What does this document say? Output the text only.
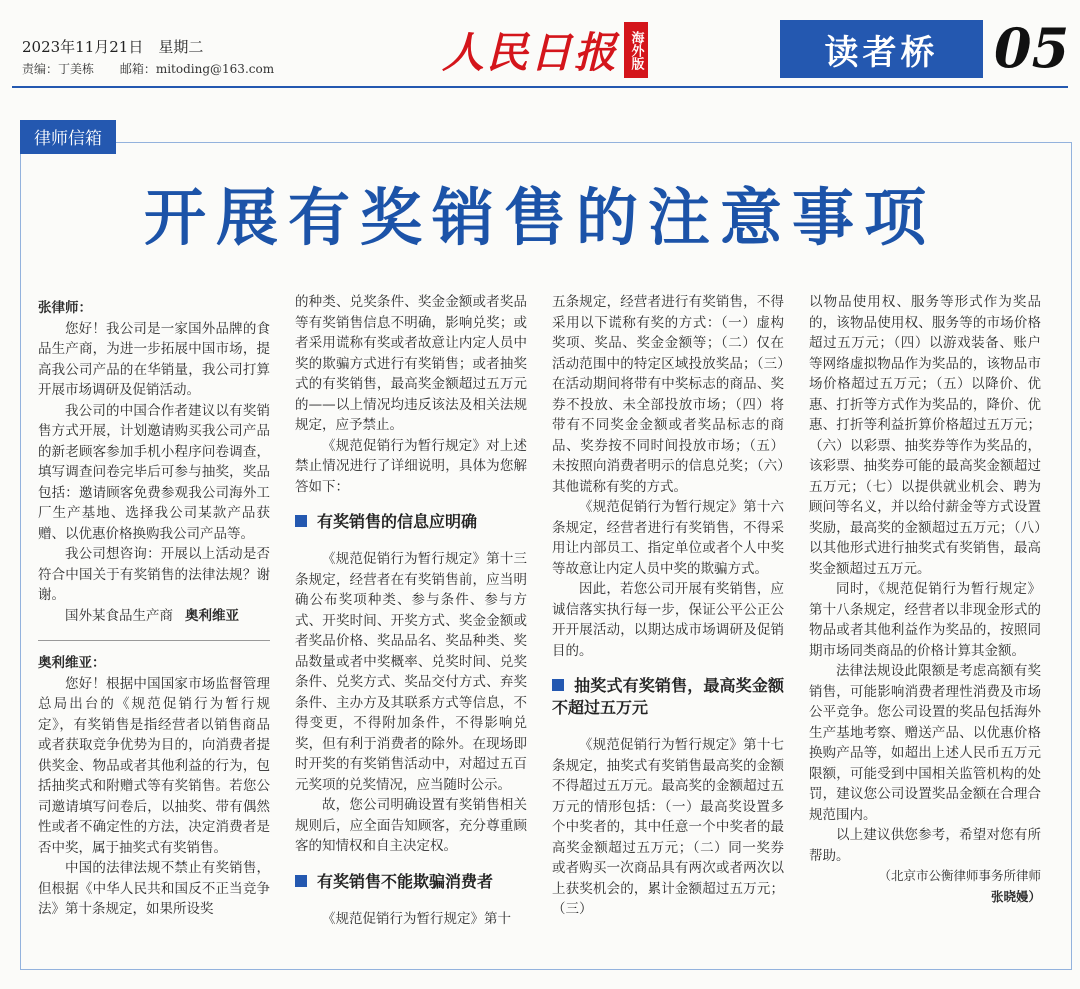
2023年11月21日　星期二
责编：丁美栋 邮箱：mitoding@163.com	人民日报 海外版	读者桥	05
律师信箱
开展有奖销售的注意事项

张律师：

您好！我公司是一家国外品牌的食品生产商，为进一步拓展中国市场，提高我公司产品的在华销量，我公司打算开展市场调研及促销活动。

我公司的中国合作者建议以有奖销售方式开展，计划邀请购买我公司产品的新老顾客参加手机小程序问卷调查，填写调查问卷完毕后可参与抽奖，奖品包括：邀请顾客免费参观我公司海外工厂生产基地、选择我公司某款产品获赠、以优惠价格换购我公司产品等。

我公司想咨询：开展以上活动是否符合中国关于有奖销售的法律法规？谢谢。

国外某食品生产商 奥利维亚

奥利维亚：

您好！根据中国国家市场监督管理总局出台的《规范促销行为暂行规定》，有奖销售是指经营者以销售商品或者获取竞争优势为目的，向消费者提供奖金、物品或者其他利益的行为，包括抽奖式和附赠式等有奖销售。若您公司邀请填写问卷后，以抽奖、带有偶然性或者不确定性的方法，决定消费者是否中奖，属于抽奖式有奖销售。

中国的法律法规不禁止有奖销售，但根据《中华人民共和国反不正当竞争法》第十条规定，如果所设奖

的种类、兑奖条件、奖金金额或者奖品等有奖销售信息不明确，影响兑奖；或者采用谎称有奖或者故意让内定人员中奖的欺骗方式进行有奖销售；或者抽奖式的有奖销售，最高奖金额超过五万元的——以上情况均违反该法及相关法规规定，应予禁止。

《规范促销行为暂行规定》对上述禁止情况进行了详细说明，具体为您解答如下：

有奖销售的信息应明确

《规范促销行为暂行规定》第十三条规定，经营者在有奖销售前，应当明确公布奖项种类、参与条件、参与方式、开奖时间、开奖方式、奖金金额或者奖品价格、奖品品名、奖品种类、奖品数量或者中奖概率、兑奖时间、兑奖条件、兑奖方式、奖品交付方式、弃奖条件、主办方及其联系方式等信息，不得变更，不得附加条件，不得影响兑奖，但有利于消费者的除外。在现场即时开奖的有奖销售活动中，对超过五百元奖项的兑奖情况，应当随时公示。

故，您公司明确设置有奖销售相关规则后，应全面告知顾客，充分尊重顾客的知情权和自主决定权。

有奖销售不能欺骗消费者

《规范促销行为暂行规定》第十

五条规定，经营者进行有奖销售，不得采用以下谎称有奖的方式：（一）虚构奖项、奖品、奖金金额等；（二）仅在活动范围中的特定区域投放奖品；（三）在活动期间将带有中奖标志的商品、奖券不投放、未全部投放市场；（四）将带有不同奖金金额或者奖品标志的商品、奖券按不同时间投放市场；（五）未按照向消费者明示的信息兑奖；（六）其他谎称有奖的方式。

《规范促销行为暂行规定》第十六条规定，经营者进行有奖销售，不得采用让内部员工、指定单位或者个人中奖等故意让内定人员中奖的欺骗方式。

因此，若您公司开展有奖销售，应诚信落实执行每一步，保证公平公正公开开展活动，以期达成市场调研及促销目的。

抽奖式有奖销售，最高奖金额不超过五万元

《规范促销行为暂行规定》第十七条规定，抽奖式有奖销售最高奖的金额不得超过五万元。最高奖的金额超过五万元的情形包括：（一）最高奖设置多个中奖者的，其中任意一个中奖者的最高奖金额超过五万元；（二）同一奖券或者购买一次商品具有两次或者两次以上获奖机会的，累计金额超过五万元；（三）

以物品使用权、服务等形式作为奖品的，该物品使用权、服务等的市场价格超过五万元；（四）以游戏装备、账户等网络虚拟物品作为奖品的，该物品市场价格超过五万元；（五）以降价、优惠、打折等方式作为奖品的，降价、优惠、打折等利益折算价格超过五万元；（六）以彩票、抽奖券等作为奖品的，该彩票、抽奖券可能的最高奖金额超过五万元；（七）以提供就业机会、聘为顾问等名义，并以给付薪金等方式设置奖励，最高奖的金额超过五万元；（八）以其他形式进行抽奖式有奖销售，最高奖金额超过五万元。

同时，《规范促销行为暂行规定》第十八条规定，经营者以非现金形式的物品或者其他利益作为奖品的，按照同期市场同类商品的价格计算其金额。

法律法规设此限额是考虑高额有奖销售，可能影响消费者理性消费及市场公平竞争。您公司设置的奖品包括海外生产基地考察、赠送产品、以优惠价格换购产品等，如超出上述人民币五万元限额，可能受到中国相关监管机构的处罚，建议您公司设置奖品金额在合理合规范围内。

以上建议供您参考，希望对您有所帮助。

（北京市公衡律师事务所律师张晓嫚）
